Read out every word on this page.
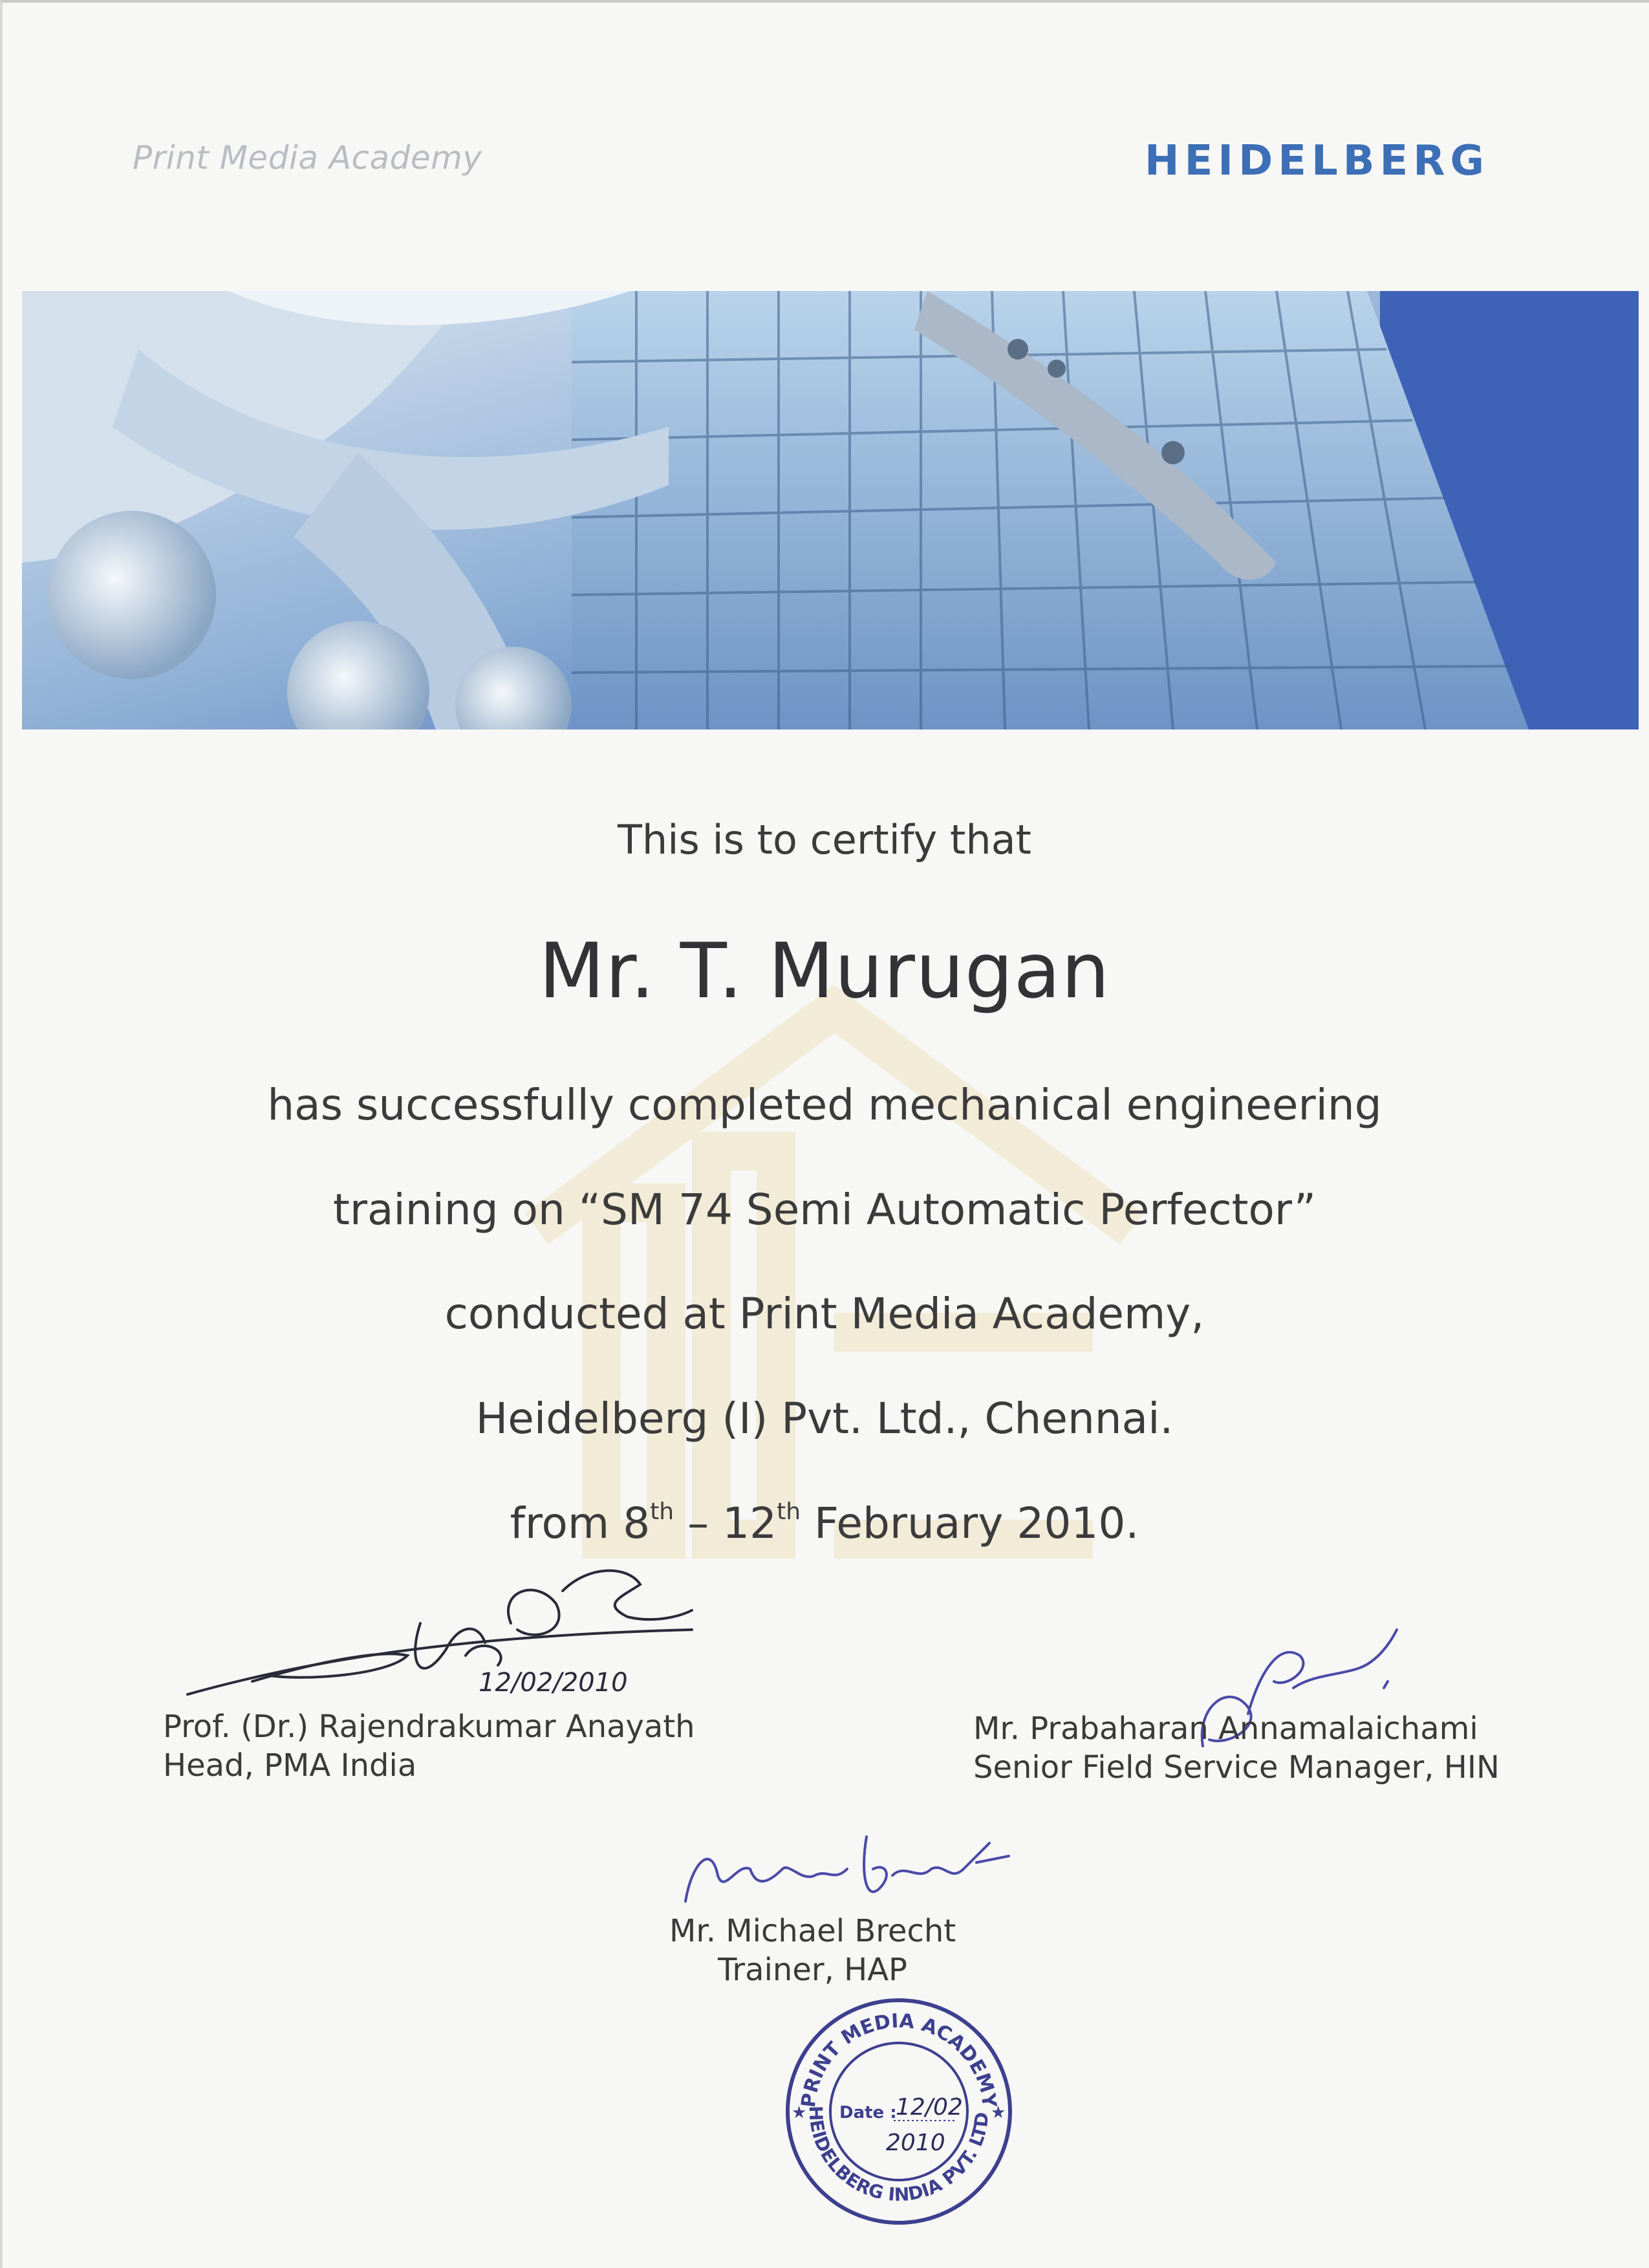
Print Media Academy	HEIDELBERG
This is to certify that
Mr. T. Murugan
has successfully completed mechanical engineering
training on “SM 74 Semi Automatic Perfector”
conducted at Print Media Academy,
Heidelberg (I) Pvt. Ltd., Chennai.
from 8th – 12th February 2010.
12/02/2010
Prof. (Dr.) Rajendrakumar Anayath
Head, PMA India
Mr. Prabaharan Annamalaichami
Senior Field Service Manager, HIN
Mr. Michael Brecht
Trainer, HAP
PRINT MEDIA ACADEMY
HEIDELBERG INDIA PVT. LTD
★	★
Date :
12/02
2010
